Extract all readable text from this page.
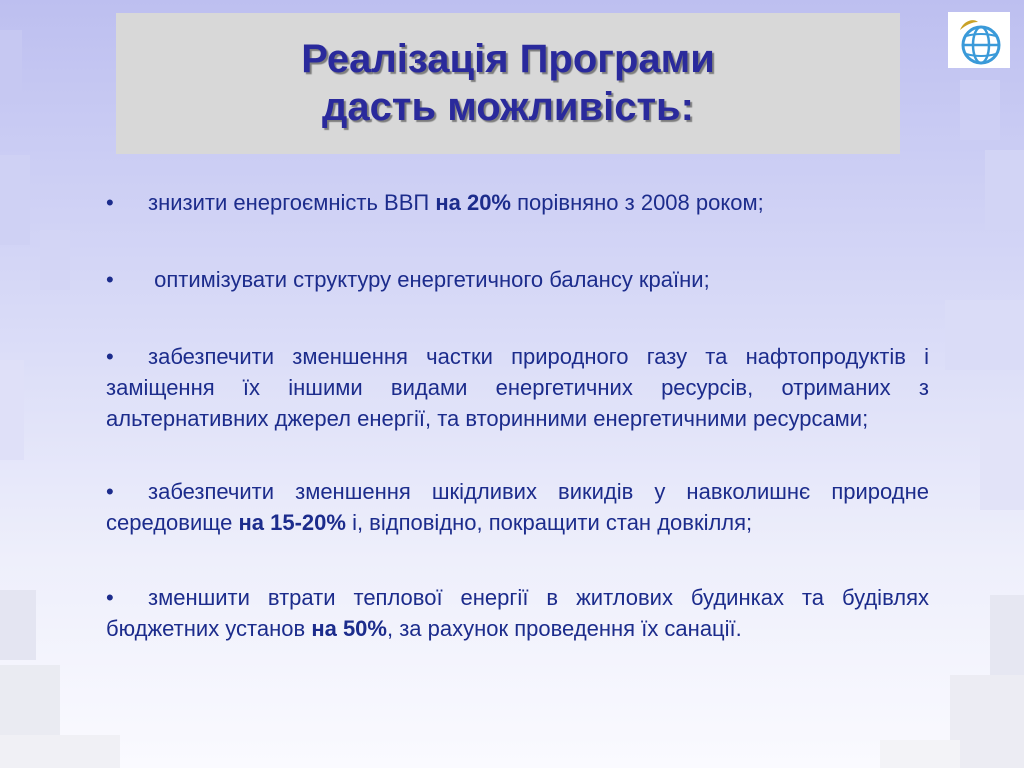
Реалізація Програми
дасть можливість:
• знизити енергоємність ВВП на 20% порівняно з 2008 роком;
• оптимізувати структуру енергетичного балансу країни;
• забезпечити зменшення частки природного газу та нафтопродуктів і заміщення їх іншими видами енергетичних ресурсів, отриманих з альтернативних джерел енергії, та вторинними енергетичними ресурсами;
• забезпечити зменшення шкідливих викидів у навколишнє природне середовище на 15-20% і, відповідно, покращити стан довкілля;
• зменшити втрати теплової енергії в житлових будинках та будівлях бюджетних установ на 50%, за рахунок проведення їх санації.
